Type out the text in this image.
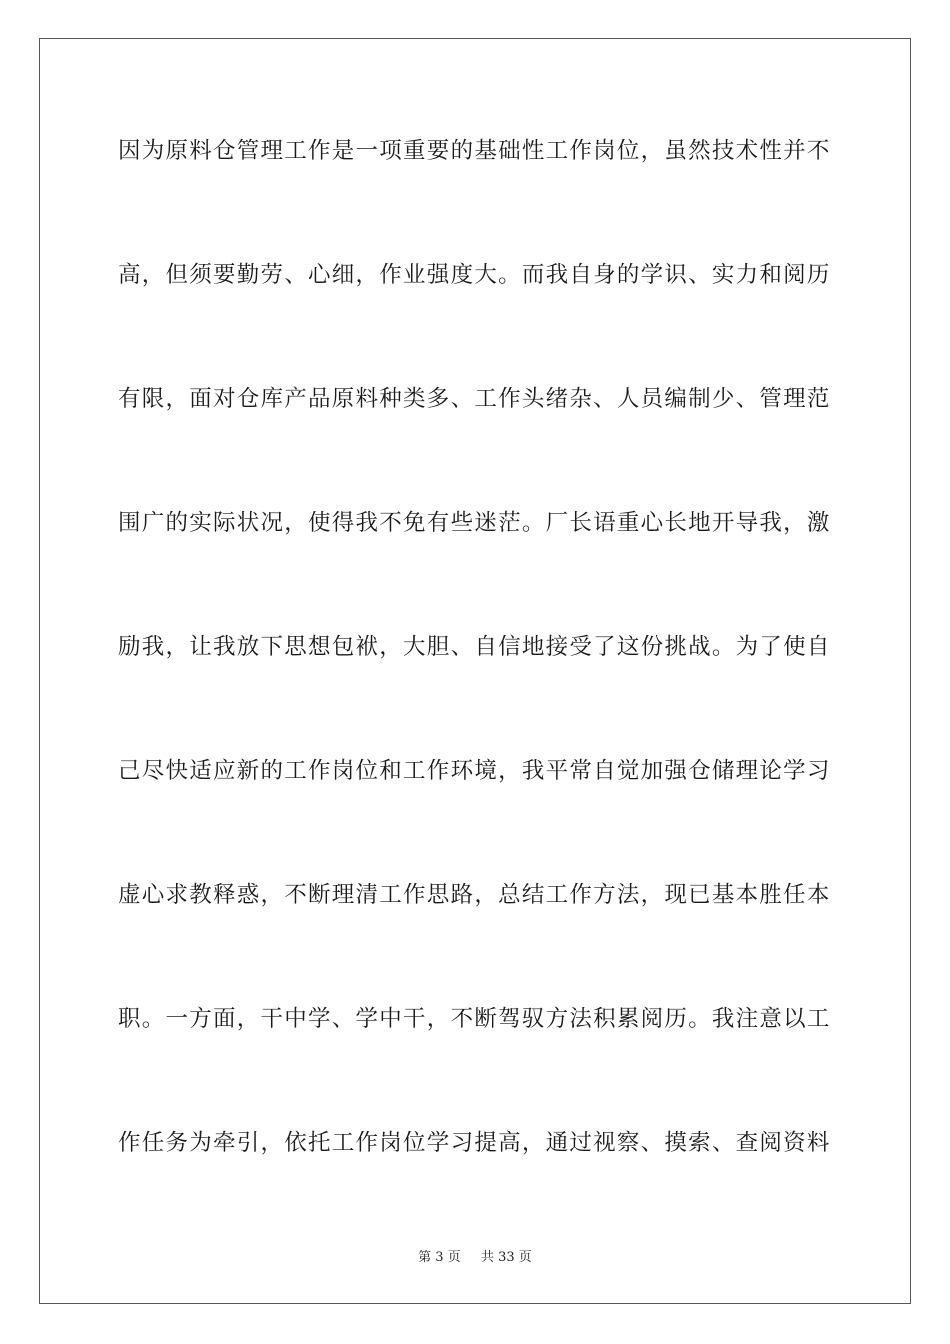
因为原料仓管理工作是一项重要的基础性工作岗位，虽然技术性并不
高，但须要勤劳、心细，作业强度大。而我自身的学识、实力和阅历
有限，面对仓库产品原料种类多、工作头绪杂、人员编制少、管理范
围广的实际状况，使得我不免有些迷茫。厂长语重心长地开导我，激
励我，让我放下思想包袱，大胆、自信地接受了这份挑战。为了使自
己尽快适应新的工作岗位和工作环境，我平常自觉加强仓储理论学习
虚心求教释惑，不断理清工作思路，总结工作方法，现已基本胜任本
职。一方面，干中学、学中干，不断驾驭方法积累阅历。我注意以工
作任务为牵引，依托工作岗位学习提高，通过视察、摸索、查阅资料
第 3 页 共 33 页
